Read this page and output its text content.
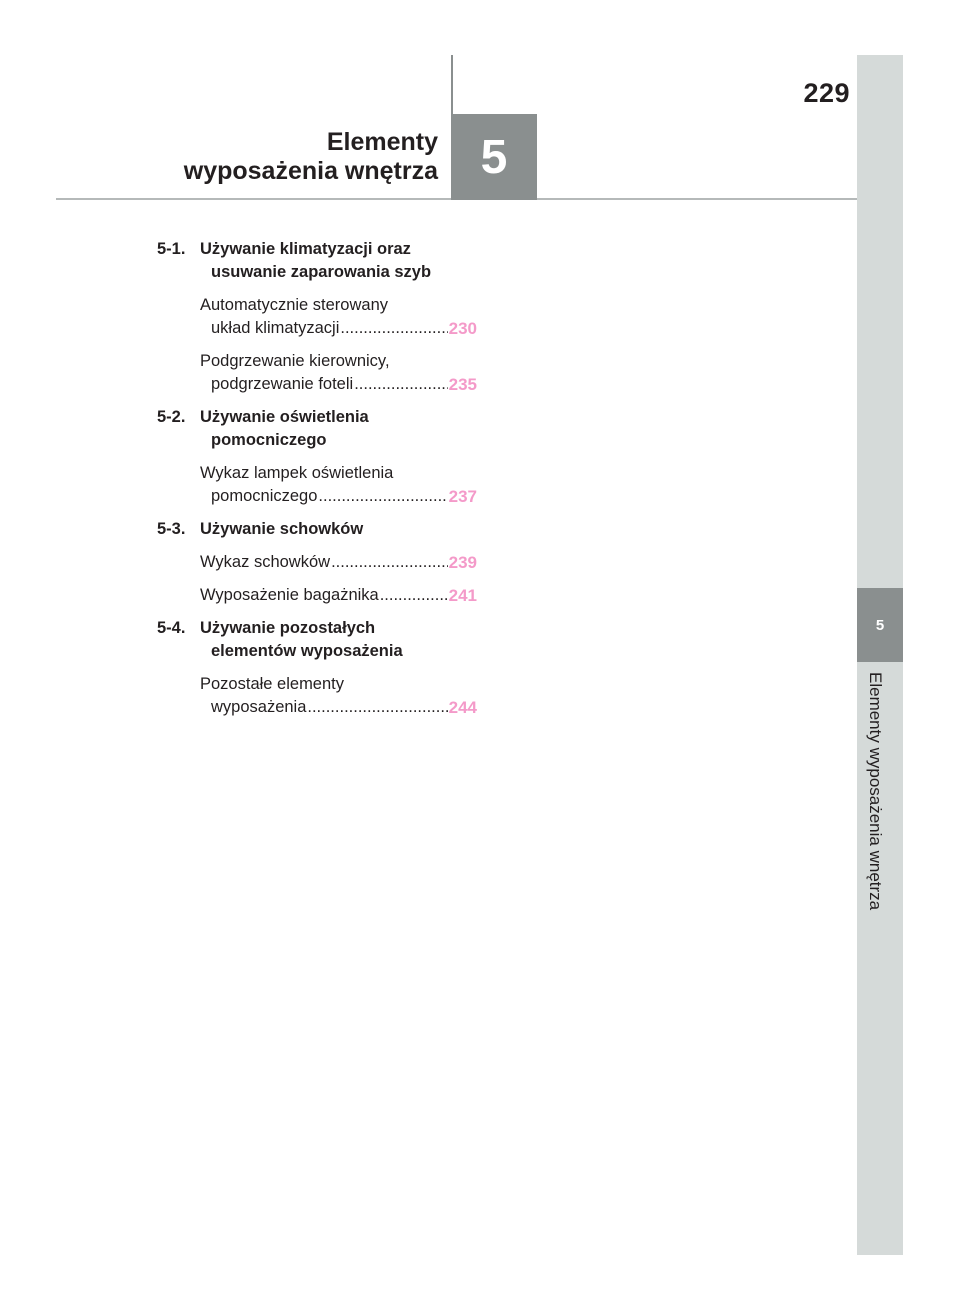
229
Elementy
wyposażenia wnętrza 5
5
Elementy wyposażenia wnętrza
5-1. Używanie klimatyzacji oraz
usuwanie zaparowania szyb
Automatycznie sterowany
układ klimatyzacji .....	230
Podgrzewanie kierownicy,
podgrzewanie foteli .....	235
5-2. Używanie oświetlenia
pomocniczego
Wykaz lampek oświetlenia
pomocniczego .....	237
5-3. Używanie schowków
Wykaz schowków .....	239
Wyposażenie bagażnika .....	241
5-4. Używanie pozostałych
elementów wyposażenia
Pozostałe elementy
wyposażenia .....	244
